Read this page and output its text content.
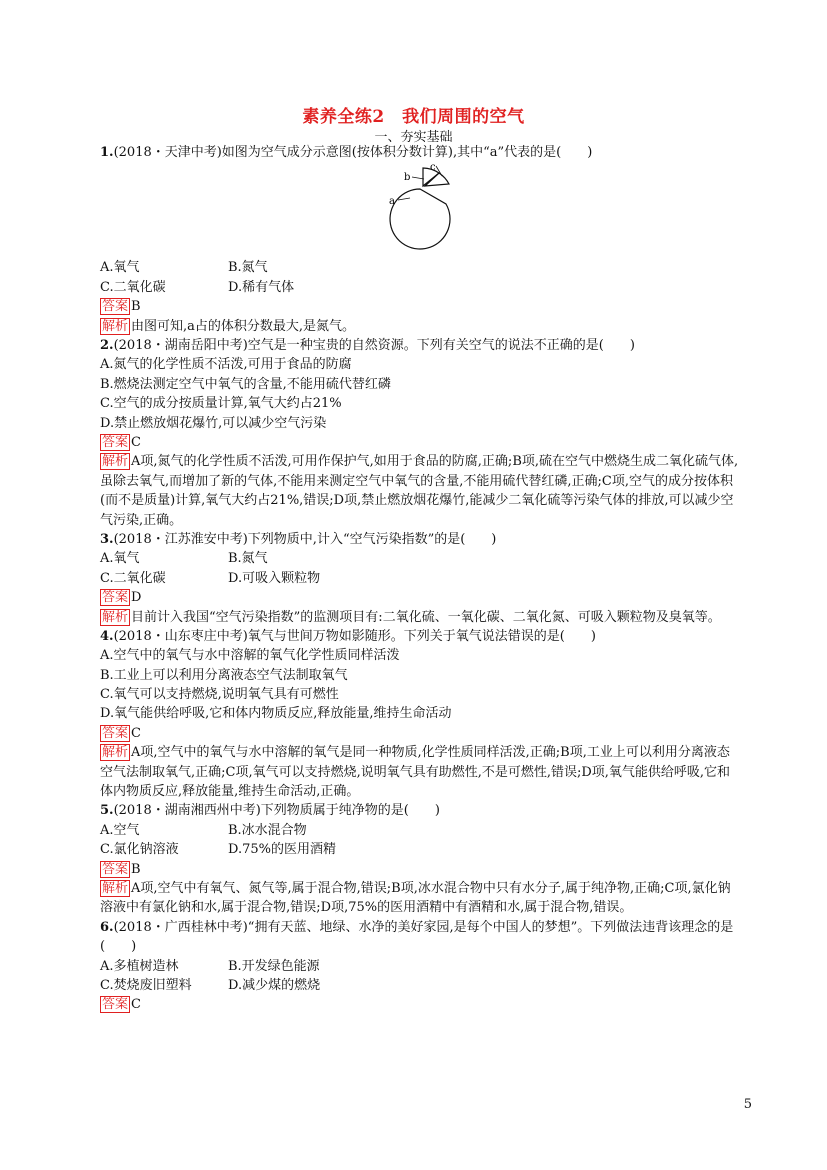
素养全练2　我们周围的空气
一、夯实基础
1.(2018・天津中考)如图为空气成分示意图(按体积分数计算),其中“a”代表的是(　　)
a
b
c
A.氧气	B.氮气
C.二氧化碳	D.稀有气体
答案 B
解析 由图可知,a占的体积分数最大,是氮气。
2.(2018・湖南岳阳中考)空气是一种宝贵的自然资源。下列有关空气的说法不正确的是(　　)
A.氮气的化学性质不活泼,可用于食品的防腐
B.燃烧法测定空气中氧气的含量,不能用硫代替红磷
C.空气的成分按质量计算,氧气大约占21%
D.禁止燃放烟花爆竹,可以减少空气污染
答案 C
解析 A项,氮气的化学性质不活泼,可用作保护气,如用于食品的防腐,正确;B项,硫在空气中燃烧生成二氧化硫气体,虽除去氧气,而增加了新的气体,不能用来测定空气中氧气的含量,不能用硫代替红磷,正确;C项,空气的成分按体积(而不是质量)计算,氧气大约占21%,错误;D项,禁止燃放烟花爆竹,能减少二氧化硫等污染气体的排放,可以减少空气污染,正确。
3.(2018・江苏淮安中考)下列物质中,计入“空气污染指数”的是(　　)
A.氧气	B.氮气
C.二氧化碳	D.可吸入颗粒物
答案 D
解析 目前计入我国“空气污染指数”的监测项目有:二氧化硫、一氧化碳、二氧化氮、可吸入颗粒物及臭氧等。
4.(2018・山东枣庄中考)氧气与世间万物如影随形。下列关于氧气说法错误的是(　　)
A.空气中的氧气与水中溶解的氧气化学性质同样活泼
B.工业上可以利用分离液态空气法制取氧气
C.氧气可以支持燃烧,说明氧气具有可燃性
D.氧气能供给呼吸,它和体内物质反应,释放能量,维持生命活动
答案 C
解析 A项,空气中的氧气与水中溶解的氧气是同一种物质,化学性质同样活泼,正确;B项,工业上可以利用分离液态空气法制取氧气,正确;C项,氧气可以支持燃烧,说明氧气具有助燃性,不是可燃性,错误;D项,氧气能供给呼吸,它和体内物质反应,释放能量,维持生命活动,正确。
5.(2018・湖南湘西州中考)下列物质属于纯净物的是(　　)
A.空气	B.冰水混合物
C.氯化钠溶液	D.75%的医用酒精
答案 B
解析 A项,空气中有氧气、氮气等,属于混合物,错误;B项,冰水混合物中只有水分子,属于纯净物,正确;C项,氯化钠溶液中有氯化钠和水,属于混合物,错误;D项,75%的医用酒精中有酒精和水,属于混合物,错误。
6.(2018・广西桂林中考)“拥有天蓝、地绿、水净的美好家园,是每个中国人的梦想”。下列做法违背该理念的是(　　)
A.多植树造林	B.开发绿色能源
C.焚烧废旧塑料	D.减少煤的燃烧
答案 C
5
